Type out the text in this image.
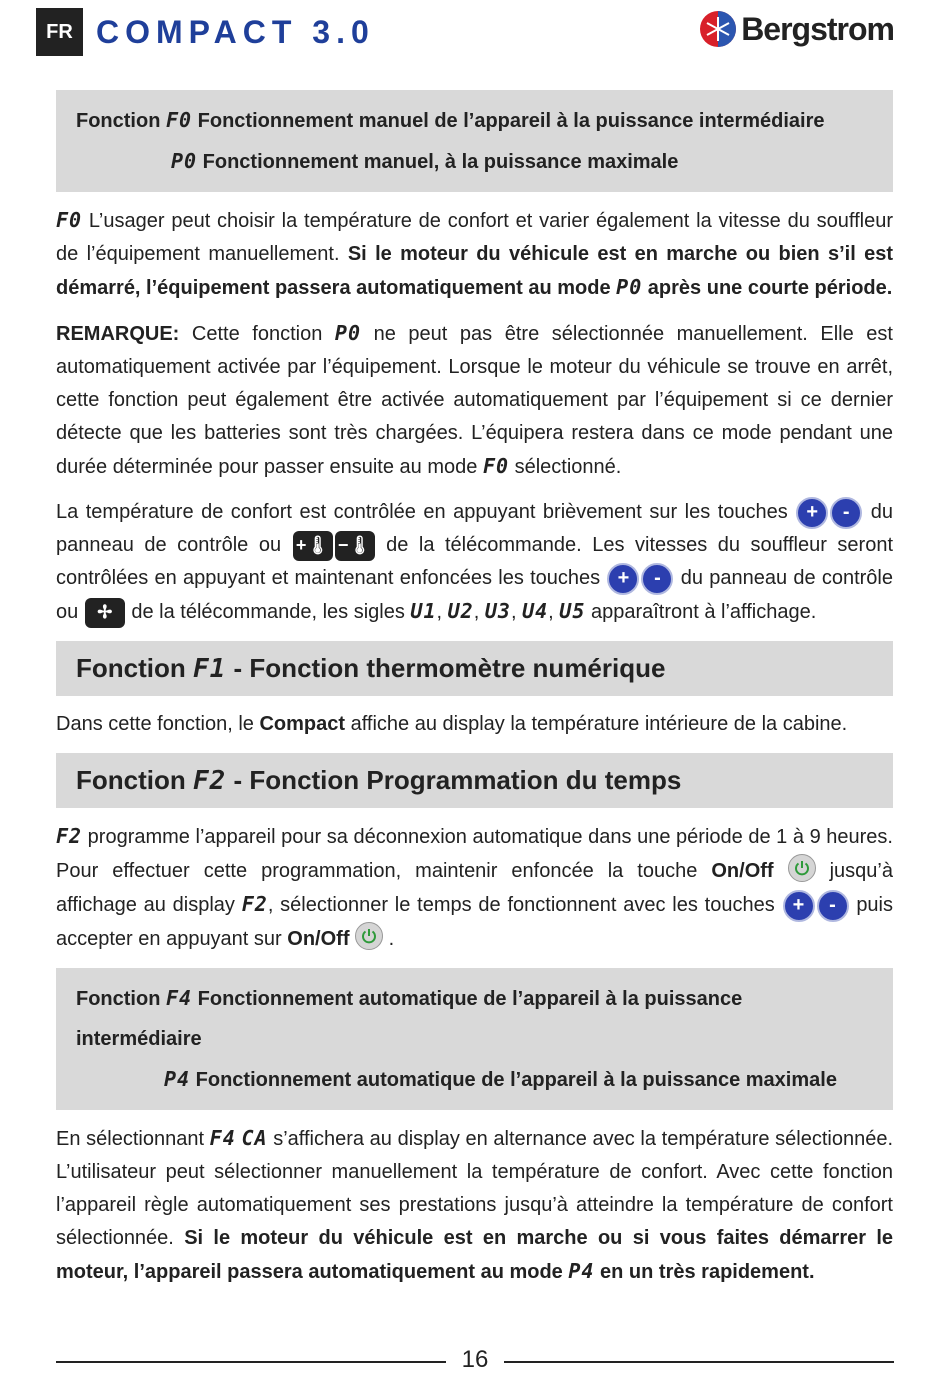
FR COMPACT 3.0	Bergstrom
Fonction F0 Fonctionnement manuel de l’appareil à la puissance intermédiaire
P0 Fonctionnement manuel, à la puissance maximale

F0 L’usager peut choisir la température de confort et varier également la vitesse du souffleur de l’équipement manuellement. Si le moteur du véhicule est en marche ou bien s’il est démarré, l’équipement passera automatiquement au mode P0 après une courte période.

REMARQUE: Cette fonction P0 ne peut pas être sélectionnée manuellement. Elle est automatiquement activée par l’équipement. Lorsque le moteur du véhicule se trouve en arrêt, cette fonction peut également être activée automatiquement par l’équipement si ce dernier détecte que les batteries sont très chargées. L’équipera restera dans ce mode pendant une durée déterminée pour passer ensuite au mode F0 sélectionné.

La température de confort est contrôlée en appuyant brièvement sur les touches + - du panneau de contrôle ou +🌡 −🌡 de la télécommande. Les vitesses du souffleur seront contrôlées en appuyant et maintenant enfoncées les touches + - du panneau de contrôle ou ✢ de la télécommande, les sigles U1, U2, U3, U4, U5 apparaîtront à l’affichage.

Fonction F1 - Fonction thermomètre numérique

Dans cette fonction, le Compact affiche au display la température intérieure de la cabine.

Fonction F2 - Fonction Programmation du temps

F2 programme l’appareil pour sa déconnexion automatique dans une période de 1 à 9 heures. Pour effectuer cette programmation, maintenir enfoncée la touche On/Off	jusqu’à affichage au display F2, sélectionner le temps de fonctionnent avec les touches + - puis accepter en appuyant sur On/Off
.

Fonction F4 Fonctionnement automatique de l’appareil à la puissance intermédiaire
P4 Fonctionnement automatique de l’appareil à la puissance maximale

En sélectionnant F4 CA s’affichera au display en alternance avec la température sélectionnée. L’utilisateur peut sélectionner manuellement la température de confort. Avec cette fonction l’appareil règle automatiquement ses prestations jusqu’à atteindre la température de confort sélectionnée. Si le moteur du véhicule est en marche ou si vous faites démarrer le moteur, l’appareil passera automatiquement au mode P4 en un très rapidement.

16
